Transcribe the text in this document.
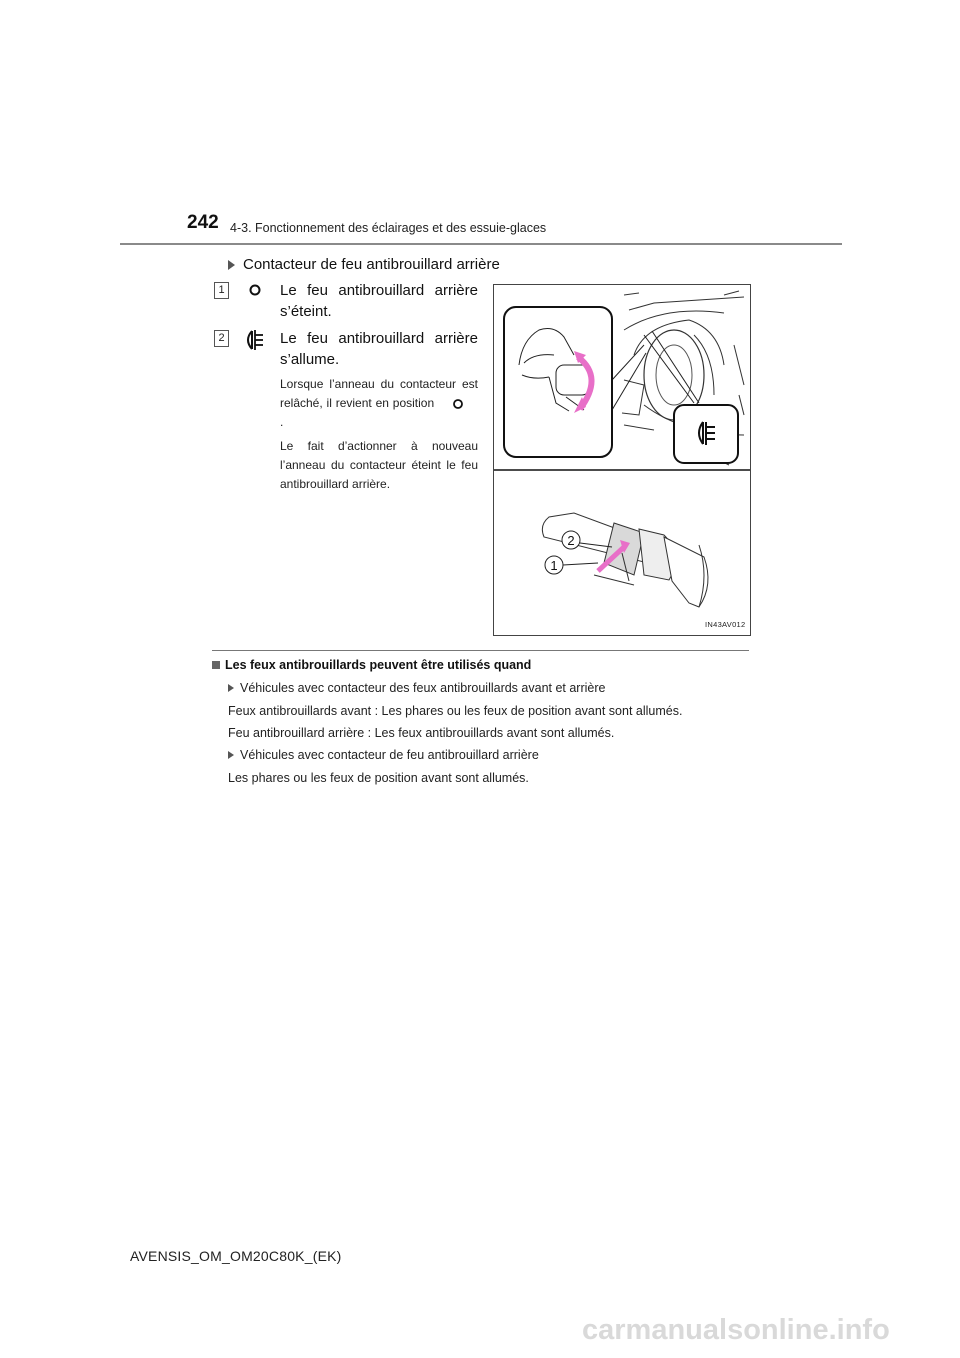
242 4-3. Fonctionnement des éclairages et des essuie-glaces
Contacteur de feu antibrouillard arrière
1	Le feu antibrouillard arrière s’éteint.
2	Le feu antibrouillard arrière s’allume.
Lorsque l’anneau du contacteur est relâché, il revient en position .
Le fait d’actionner à nouveau l’anneau du contacteur éteint le feu antibrouillard arrière.
2
1
IN43AV012
Les feux antibrouillards peuvent être utilisés quand
Véhicules avec contacteur des feux antibrouillards avant et arrière
Feux antibrouillards avant : Les phares ou les feux de position avant sont allumés.
Feu antibrouillard arrière : Les feux antibrouillards avant sont allumés.
Véhicules avec contacteur de feu antibrouillard arrière
Les phares ou les feux de position avant sont allumés.
AVENSIS_OM_OM20C80K_(EK)
carmanualsonline.info
